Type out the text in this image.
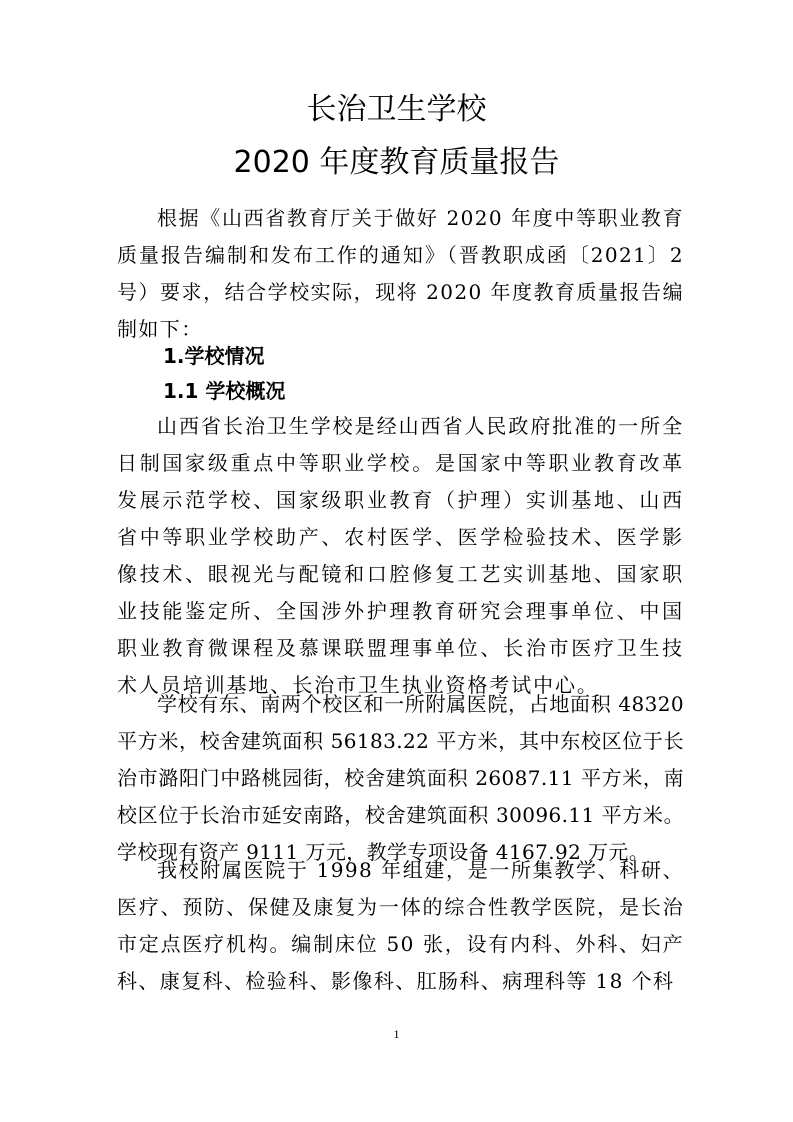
长治卫生学校
2020 年度教育质量报告

根据《山西省教育厅关于做好 2020 年度中等职业教育质量报告编制和发布工作的通知》（晋教职成函〔2021〕2 号）要求，结合学校实际，现将 2020 年度教育质量报告编制如下：

1.学校情况
1.1 学校概况

山西省长治卫生学校是经山西省人民政府批准的一所全日制国家级重点中等职业学校。是国家中等职业教育改革发展示范学校、国家级职业教育（护理）实训基地、山西省中等职业学校助产、农村医学、医学检验技术、医学影像技术、眼视光与配镜和口腔修复工艺实训基地、国家职业技能鉴定所、全国涉外护理教育研究会理事单位、中国职业教育微课程及慕课联盟理事单位、长治市医疗卫生技术人员培训基地、长治市卫生执业资格考试中心。

学校有东、南两个校区和一所附属医院，占地面积 48320 平方米，校舍建筑面积 56183.22 平方米，其中东校区位于长治市潞阳门中路桃园街，校舍建筑面积 26087.11 平方米，南校区位于长治市延安南路，校舍建筑面积 30096.11 平方米。学校现有资产 9111 万元，教学专项设备 4167.92 万元。

我校附属医院于 1998 年组建，是一所集教学、科研、医疗、预防、保健及康复为一体的综合性教学医院，是长治市定点医疗机构。编制床位 50 张，设有内科、外科、妇产科、康复科、检验科、影像科、肛肠科、病理科等 18 个科

1
